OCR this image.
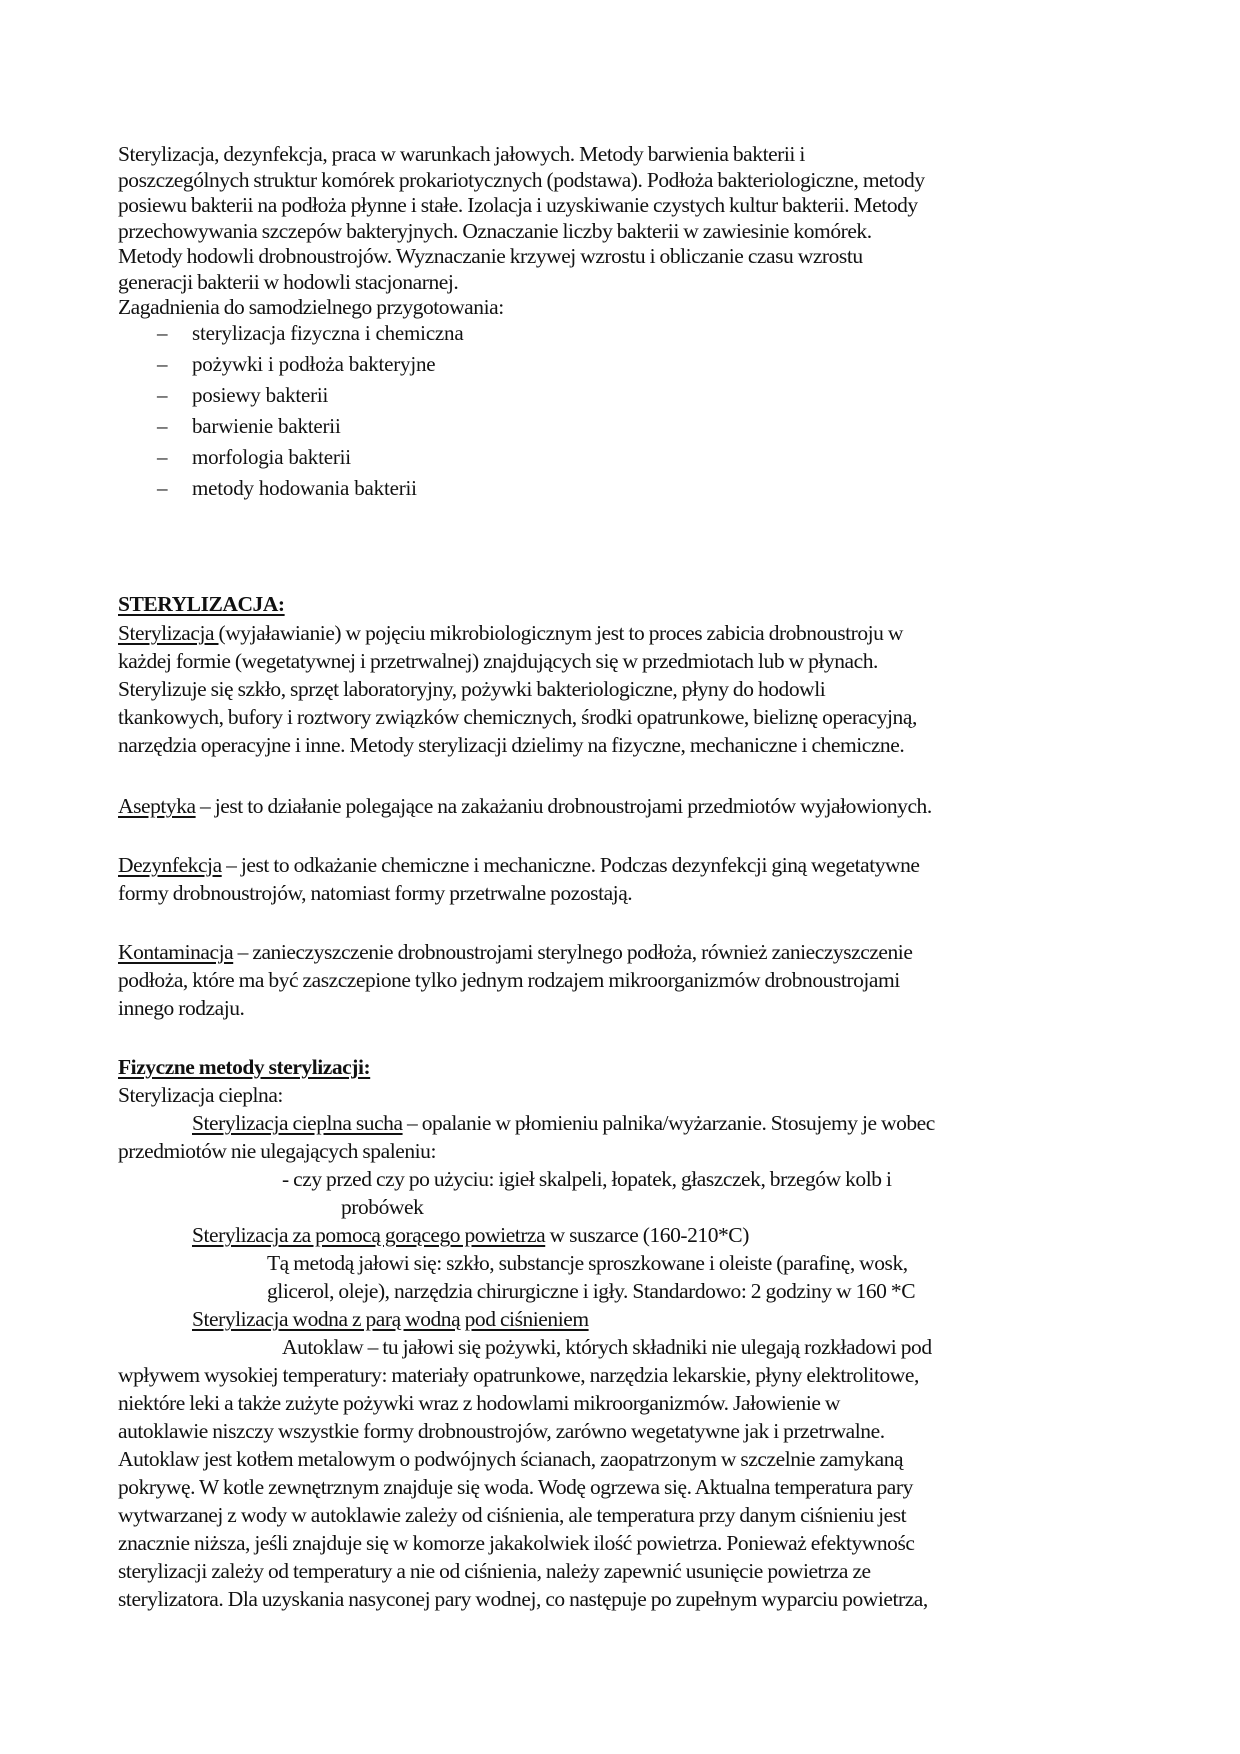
Sterylizacja, dezynfekcja, praca w warunkach jałowych. Metody barwienia bakterii i
poszczególnych struktur komórek prokariotycznych (podstawa). Podłoża bakteriologiczne, metody
posiewu bakterii na podłoża płynne i stałe. Izolacja i uzyskiwanie czystych kultur bakterii. Metody
przechowywania szczepów bakteryjnych. Oznaczanie liczby bakterii w zawiesinie komórek.
Metody hodowli drobnoustrojów. Wyznaczanie krzywej wzrostu i obliczanie czasu wzrostu
generacji bakterii w hodowli stacjonarnej.
Zagadnienia do samodzielnego przygotowania:
– sterylizacja fizyczna i chemiczna
– pożywki i podłoża bakteryjne
– posiewy bakterii
– barwienie bakterii
– morfologia bakterii
– metody hodowania bakterii
STERYLIZACJA:
Sterylizacja (wyjaławianie) w pojęciu mikrobiologicznym jest to proces zabicia drobnoustroju w
każdej formie (wegetatywnej i przetrwalnej) znajdujących się w przedmiotach lub w płynach.
Sterylizuje się szkło, sprzęt laboratoryjny, pożywki bakteriologiczne, płyny do hodowli
tkankowych, bufory i roztwory związków chemicznych, środki opatrunkowe, bieliznę operacyjną,
narzędzia operacyjne i inne. Metody sterylizacji dzielimy na fizyczne, mechaniczne i chemiczne.
Aseptyka – jest to działanie polegające na zakażaniu drobnoustrojami przedmiotów wyjałowionych.
Dezynfekcja – jest to odkażanie chemiczne i mechaniczne. Podczas dezynfekcji giną wegetatywne
formy drobnoustrojów, natomiast formy przetrwalne pozostają.
Kontaminacja – zanieczyszczenie drobnoustrojami sterylnego podłoża, również zanieczyszczenie
podłoża, które ma być zaszczepione tylko jednym rodzajem mikroorganizmów drobnoustrojami
innego rodzaju.
Fizyczne metody sterylizacji:
Sterylizacja cieplna:
Sterylizacja cieplna sucha – opalanie w płomieniu palnika/wyżarzanie. Stosujemy je wobec
przedmiotów nie ulegających spaleniu:
- czy przed czy po użyciu: igieł skalpeli, łopatek, głaszczek, brzegów kolb i
probówek
Sterylizacja za pomocą gorącego powietrza w suszarce (160-210*C)
Tą metodą jałowi się: szkło, substancje sproszkowane i oleiste (parafinę, wosk,
glicerol, oleje), narzędzia chirurgiczne i igły. Standardowo: 2 godziny w 160 *C
Sterylizacja wodna z parą wodną pod ciśnieniem
Autoklaw – tu jałowi się pożywki, których składniki nie ulegają rozkładowi pod
wpływem wysokiej temperatury: materiały opatrunkowe, narzędzia lekarskie, płyny elektrolitowe,
niektóre leki a także zużyte pożywki wraz z hodowlami mikroorganizmów. Jałowienie w
autoklawie niszczy wszystkie formy drobnoustrojów, zarówno wegetatywne jak i przetrwalne.
Autoklaw jest kotłem metalowym o podwójnych ścianach, zaopatrzonym w szczelnie zamykaną
pokrywę. W kotle zewnętrznym znajduje się woda. Wodę ogrzewa się. Aktualna temperatura pary
wytwarzanej z wody w autoklawie zależy od ciśnienia, ale temperatura przy danym ciśnieniu jest
znacznie niższa, jeśli znajduje się w komorze jakakolwiek ilość powietrza. Ponieważ efektywnośc
sterylizacji zależy od temperatury a nie od ciśnienia, należy zapewnić usunięcie powietrza ze
sterylizatora. Dla uzyskania nasyconej pary wodnej, co następuje po zupełnym wyparciu powietrza,
